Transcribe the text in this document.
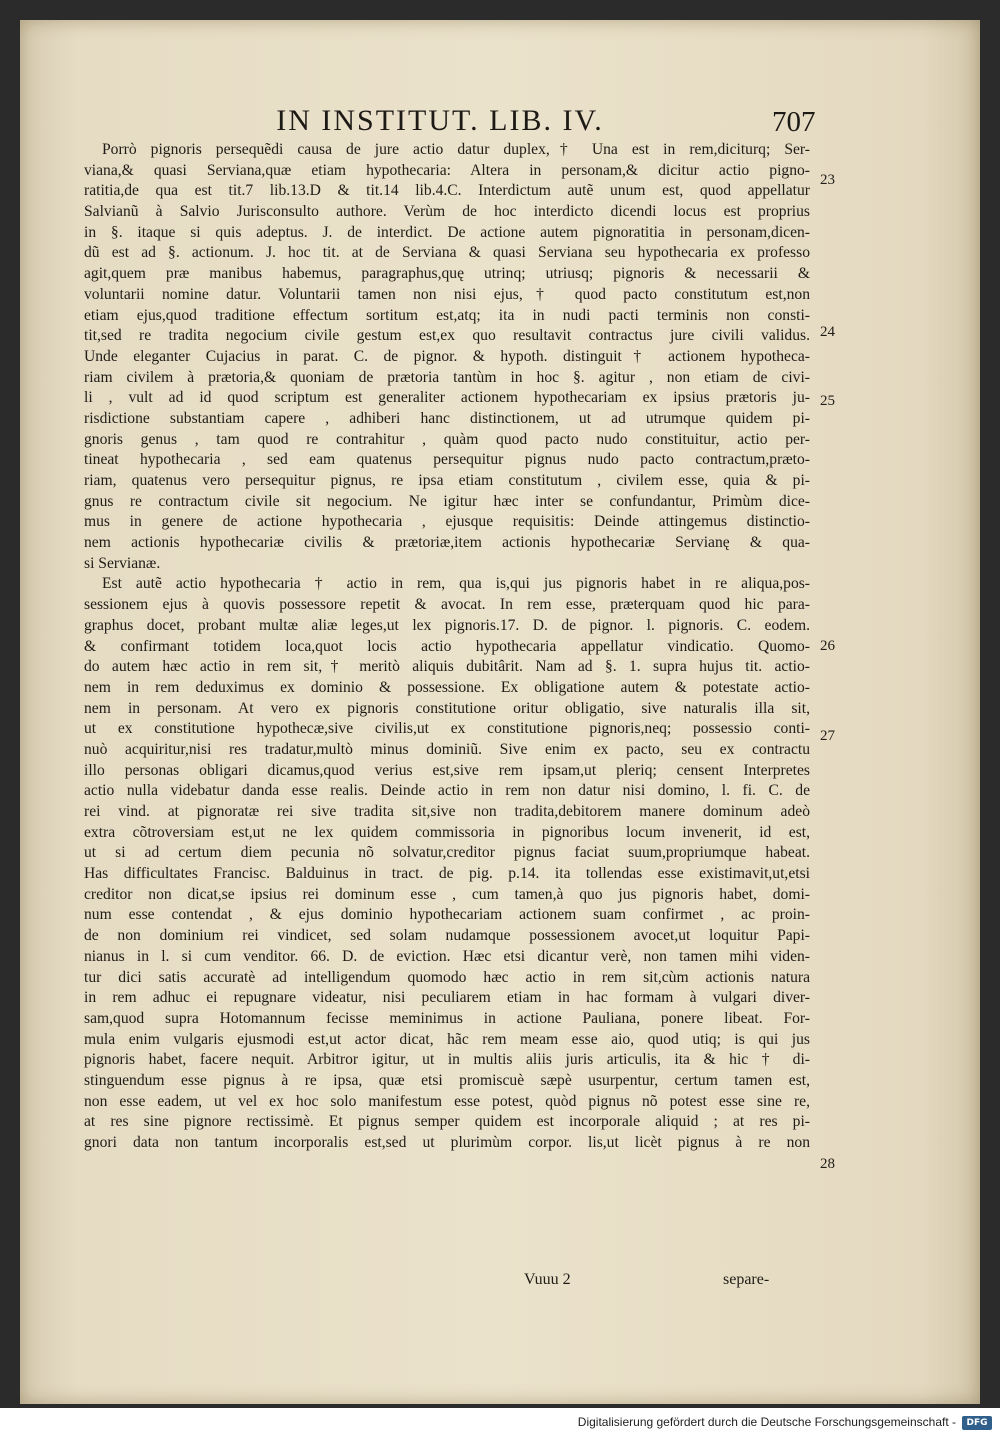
IN INSTITUT. LIB. IV.	707
Porrò pignoris persequẽdi causa de jure actio datur duplex,† Una est in rem,diciturq; Ser-
viana,& quasi Serviana,quæ etiam hypothecaria: Altera in personam,& dicitur actio pigno-
ratitia,de qua est tit.7 lib.13.D & tit.14 lib.4.C. Interdictum autẽ unum est, quod appellatur
Salvianũ à Salvio Jurisconsulto authore. Verùm de hoc interdicto dicendi locus est proprius
in §. itaque si quis adeptus. J. de interdict. De actione autem pignoratitia in personam,dicen-
dũ est ad §. actionum. J. hoc tit. at de Serviana & quasi Serviana seu hypothecaria ex professo
agit,quem præ manibus habemus, paragraphus,quę utrinq; utriusq; pignoris & necessarii &
voluntarii nomine datur. Voluntarii tamen non nisi ejus,† quod pacto constitutum est,non
etiam ejus,quod traditione effectum sortitum est,atq; ita in nudi pacti terminis non consti-
tit,sed re tradita negocium civile gestum est,ex quo resultavit contractus jure civili validus.
Unde eleganter Cujacius in parat. C. de pignor. & hypoth. distinguit† actionem hypotheca-
riam civilem à prætoria,& quoniam de prætoria tantùm in hoc §. agitur , non etiam de civi-
li , vult ad id quod scriptum est generaliter actionem hypothecariam ex ipsius prætoris ju-
risdictione substantiam capere , adhiberi hanc distinctionem, ut ad utrumque quidem pi-
gnoris genus , tam quod re contrahitur , quàm quod pacto nudo constituitur, actio per-
tineat hypothecaria , sed eam quatenus persequitur pignus nudo pacto contractum,præto-
riam, quatenus vero persequitur pignus, re ipsa etiam constitutum , civilem esse, quia & pi-
gnus re contractum civile sit negocium. Ne igitur hæc inter se confundantur, Primùm dice-
mus in genere de actione hypothecaria , ejusque requisitis: Deinde attingemus distinctio-
nem actionis hypothecariæ civilis & prætoriæ,item actionis hypothecariæ Servianę & qua-
si Servianæ.
Est autẽ actio hypothecaria † actio in rem, qua is,qui jus pignoris habet in re aliqua,pos-
sessionem ejus à quovis possessore repetit & avocat. In rem esse, præterquam quod hic para-
graphus docet, probant multæ aliæ leges,ut lex pignoris.17. D. de pignor. l. pignoris. C. eodem.
& confirmant totidem loca,quot locis actio hypothecaria appellatur vindicatio. Quomo-
do autem hæc actio in rem sit,† meritò aliquis dubitârit. Nam ad §. 1. supra hujus tit. actio-
nem in rem deduximus ex dominio & possessione. Ex obligatione autem & potestate actio-
nem in personam. At vero ex pignoris constitutione oritur obligatio, sive naturalis illa sit,
ut ex constitutione hypothecæ,sive civilis,ut ex constitutione pignoris,neq; possessio conti-
nuò acquiritur,nisi res tradatur,multò minus dominiũ. Sive enim ex pacto, seu ex contractu
illo personas obligari dicamus,quod verius est,sive rem ipsam,ut pleriq; censent Interpretes
actio nulla videbatur danda esse realis. Deinde actio in rem non datur nisi domino, l. fi. C. de
rei vind. at pignoratæ rei sive tradita sit,sive non tradita,debitorem manere dominum adeò
extra cõtroversiam est,ut ne lex quidem commissoria in pignoribus locum invenerit, id est,
ut si ad certum diem pecunia nõ solvatur,creditor pignus faciat suum,propriumque habeat.
Has difficultates Francisc. Balduinus in tract. de pig. p.14. ita tollendas esse existimavit,ut,etsi
creditor non dicat,se ipsius rei dominum esse , cum tamen,à quo jus pignoris habet, domi-
num esse contendat , & ejus dominio hypothecariam actionem suam confirmet , ac proin-
de non dominium rei vindicet, sed solam nudamque possessionem avocet,ut loquitur Papi-
nianus in l. si cum venditor. 66. D. de eviction. Hæc etsi dicantur verè, non tamen mihi viden-
tur dici satis accuratè ad intelligendum quomodo hæc actio in rem sit,cùm actionis natura
in rem adhuc ei repugnare videatur, nisi peculiarem etiam in hac formam à vulgari diver-
sam,quod supra Hotomannum fecisse meminimus in actione Pauliana, ponere libeat. For-
mula enim vulgaris ejusmodi est,ut actor dicat, hãc rem meam esse aio, quod utiq; is qui jus
pignoris habet, facere nequit. Arbitror igitur, ut in multis aliis juris articulis, ita & hic † di-
stinguendum esse pignus à re ipsa, quæ etsi promiscuè sæpè usurpentur, certum tamen est,
non esse eadem, ut vel ex hoc solo manifestum esse potest, quòd pignus nõ potest esse sine re,
at res sine pignore rectissimè. Et pignus semper quidem est incorporale aliquid ; at res pi-
gnori data non tantum incorporalis est,sed ut plurimùm corpor. lis,ut licèt pignus à re non
23
24
25
26
27
28
Vuuu 2	separe-
Digitalisierung gefördert durch die Deutsche Forschungsgemeinschaft -	DFG
